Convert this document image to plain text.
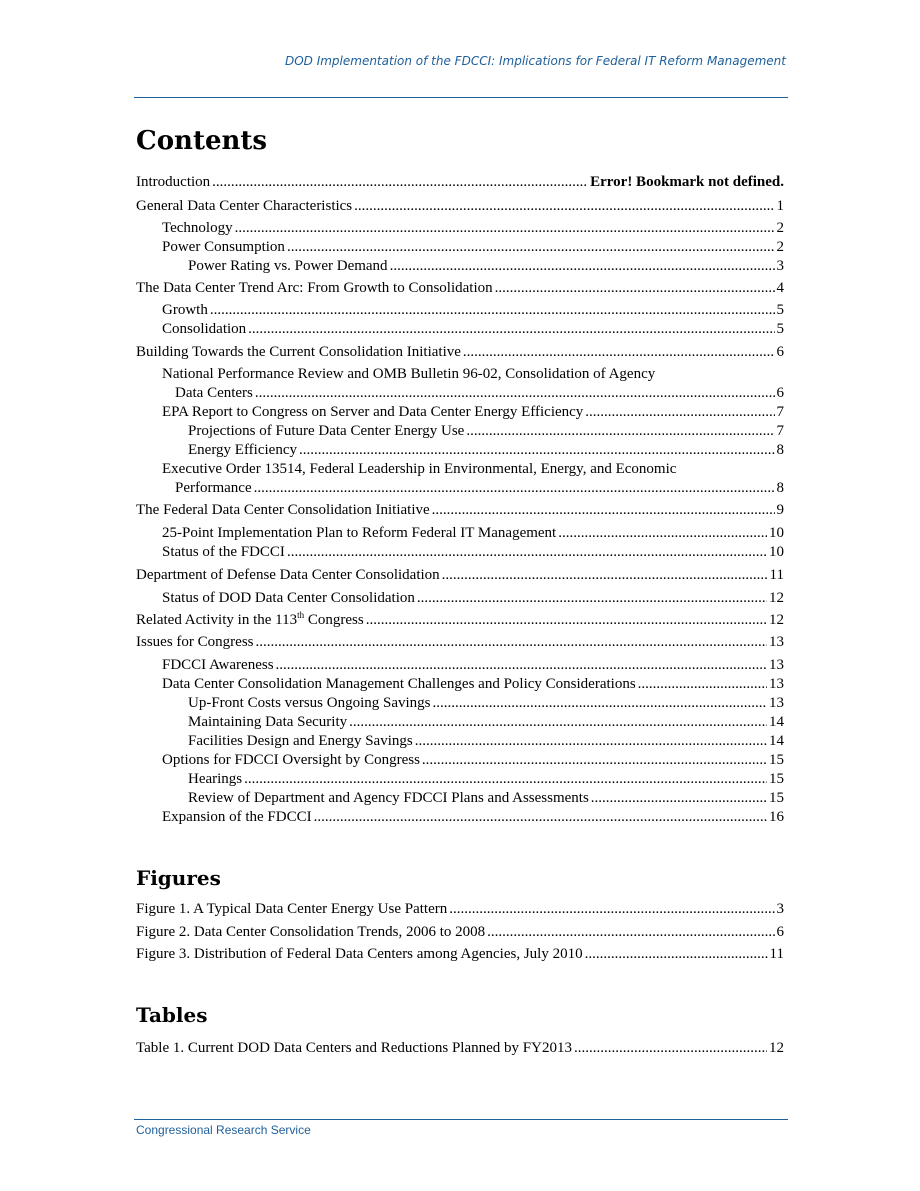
DOD Implementation of the FDCCI: Implications for Federal IT Reform Management
Contents
Introduction .....	Error! Bookmark not defined.
General Data Center Characteristics .....	1
Technology .....	2
Power Consumption .....	2
Power Rating vs. Power Demand .....	3
The Data Center Trend Arc: From Growth to Consolidation .....	4
Growth .....	5
Consolidation .....	5
Building Towards the Current Consolidation Initiative .....	6
National Performance Review and OMB Bulletin 96-02, Consolidation of Agency
Data Centers .....	6
EPA Report to Congress on Server and Data Center Energy Efficiency .....	7
Projections of Future Data Center Energy Use .....	7
Energy Efficiency .....	8
Executive Order 13514, Federal Leadership in Environmental, Energy, and Economic
Performance .....	8
The Federal Data Center Consolidation Initiative .....	9
25-Point Implementation Plan to Reform Federal IT Management .....	10
Status of the FDCCI .....	10
Department of Defense Data Center Consolidation .....	11
Status of DOD Data Center Consolidation .....	12
Related Activity in the 113th Congress .....	12
Issues for Congress .....	13
FDCCI Awareness .....	13
Data Center Consolidation Management Challenges and Policy Considerations .....	13
Up-Front Costs versus Ongoing Savings .....	13
Maintaining Data Security .....	14
Facilities Design and Energy Savings .....	14
Options for FDCCI Oversight by Congress .....	15
Hearings .....	15
Review of Department and Agency FDCCI Plans and Assessments .....	15
Expansion of the FDCCI .....	16
Figures
Figure 1. A Typical Data Center Energy Use Pattern .....	3
Figure 2. Data Center Consolidation Trends, 2006 to 2008 .....	6
Figure 3. Distribution of Federal Data Centers among Agencies, July 2010 .....	11
Tables
Table 1. Current DOD Data Centers and Reductions Planned by FY2013 .....	12
Congressional Research Service
